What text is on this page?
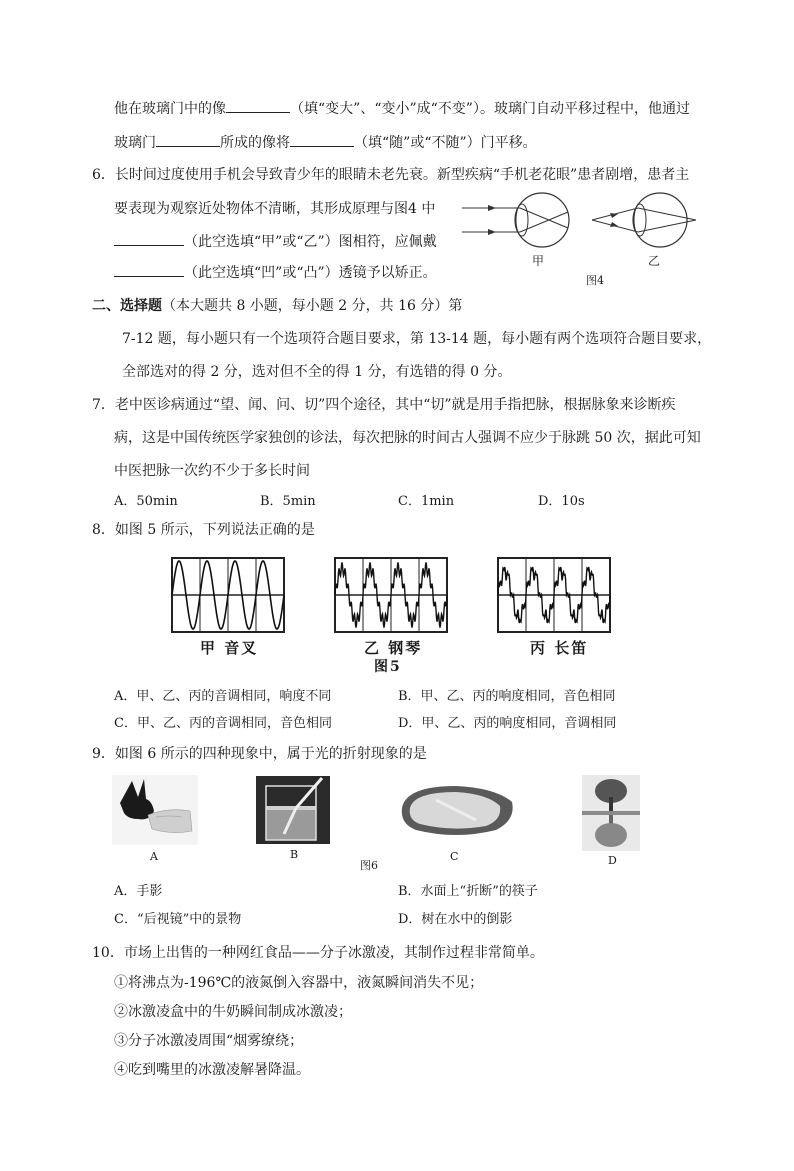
他在玻璃门中的像	（填“变大”、“变小”成“不变”）。玻璃门自动平移过程中，他通过
玻璃门	所成的像将	（填“随”或“不随”）门平移。
6．长时间过度使用手机会导致青少年的眼睛未老先衰。新型疾病“手机老花眼”患者剧增，患者主
要表现为观察近处物体不清晰，其形成原理与图4 中
（此空选填“甲”或“乙”）图相符，应佩戴
（此空选填“凹”或“凸”）透镜予以矫正。
甲	乙
图4
二、选择题（本大题共 8 小题，每小题 2 分，共 16 分）第
7-12 题，每小题只有一个选项符合题目要求，第 13-14 题，每小题有两个选项符合题目要求，
全部选对的得 2 分，选对但不全的得 1 分，有选错的得 0 分。
7．老中医诊病通过“望、闻、问、切”四个途径，其中“切”就是用手指把脉，根据脉象来诊断疾
病，这是中国传统医学家独创的诊法，每次把脉的时间古人强调不应少于脉跳 50 次，据此可知
中医把脉一次约不少于多长时间
A．50min	B．5min	C．1min	D．10s
8．如图 5 所示，下列说法正确的是
甲 音叉	乙 钢琴	丙 长笛
图5
A．甲、乙、丙的音调相同，响度不同	B．甲、乙、丙的响度相同，音色相同
C．甲、乙、丙的音调相同，音色相同	D．甲、乙、丙的响度相同，音调相同
9．如图 6 所示的四种现象中，属于光的折射现象的是
A	B	C	D
图6
A．手影	B．水面上“折断”的筷子
C．“后视镜”中的景物	D．树在水中的倒影
10．市场上出售的一种网红食品——分子冰激凌，其制作过程非常简单。
①将沸点为-196℃的液氮倒入容器中，液氮瞬间消失不见；
②冰激凌盒中的牛奶瞬间制成冰激凌；
③分子冰激凌周围“烟雾缭绕；
④吃到嘴里的冰激凌解暑降温。
